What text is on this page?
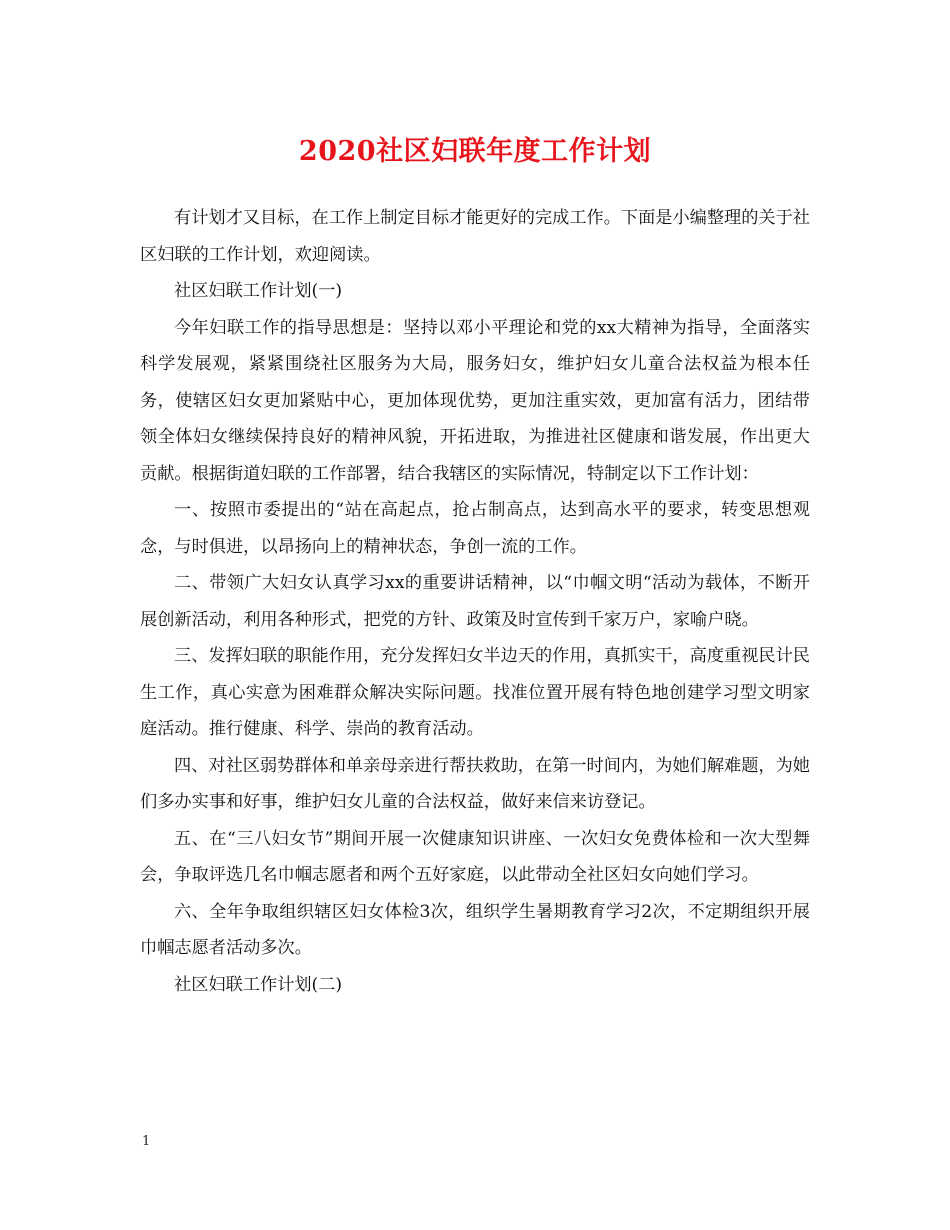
2020社区妇联年度工作计划

有计划才又目标，在工作上制定目标才能更好的完成工作。下面是小编整理的关于社区妇联的工作计划，欢迎阅读。

社区妇联工作计划(一)

今年妇联工作的指导思想是：坚持以邓小平理论和党的xx大精神为指导，全面落实科学发展观，紧紧围绕社区服务为大局，服务妇女，维护妇女儿童合法权益为根本任务，使辖区妇女更加紧贴中心，更加体现优势，更加注重实效，更加富有活力，团结带领全体妇女继续保持良好的精神风貌，开拓进取，为推进社区健康和谐发展，作出更大贡献。根据街道妇联的工作部署，结合我辖区的实际情况，特制定以下工作计划：

一、按照市委提出的“站在高起点，抢占制高点，达到高水平的要求，转变思想观念，与时俱进，以昂扬向上的精神状态，争创一流的工作。

二、带领广大妇女认真学习xx的重要讲话精神，以“巾帼文明“活动为载体，不断开展创新活动，利用各种形式，把党的方针、政策及时宣传到千家万户，家喻户晓。

三、发挥妇联的职能作用，充分发挥妇女半边天的作用，真抓实干，高度重视民计民生工作，真心实意为困难群众解决实际问题。找准位置开展有特色地创建学习型文明家庭活动。推行健康、科学、崇尚的教育活动。

四、对社区弱势群体和单亲母亲进行帮扶救助，在第一时间内，为她们解难题，为她们多办实事和好事，维护妇女儿童的合法权益，做好来信来访登记。

五、在“三八妇女节”期间开展一次健康知识讲座、一次妇女免费体检和一次大型舞会，争取评选几名巾帼志愿者和两个五好家庭，以此带动全社区妇女向她们学习。

六、全年争取组织辖区妇女体检3次，组织学生暑期教育学习2次，不定期组织开展巾帼志愿者活动多次。

社区妇联工作计划(二)

1
